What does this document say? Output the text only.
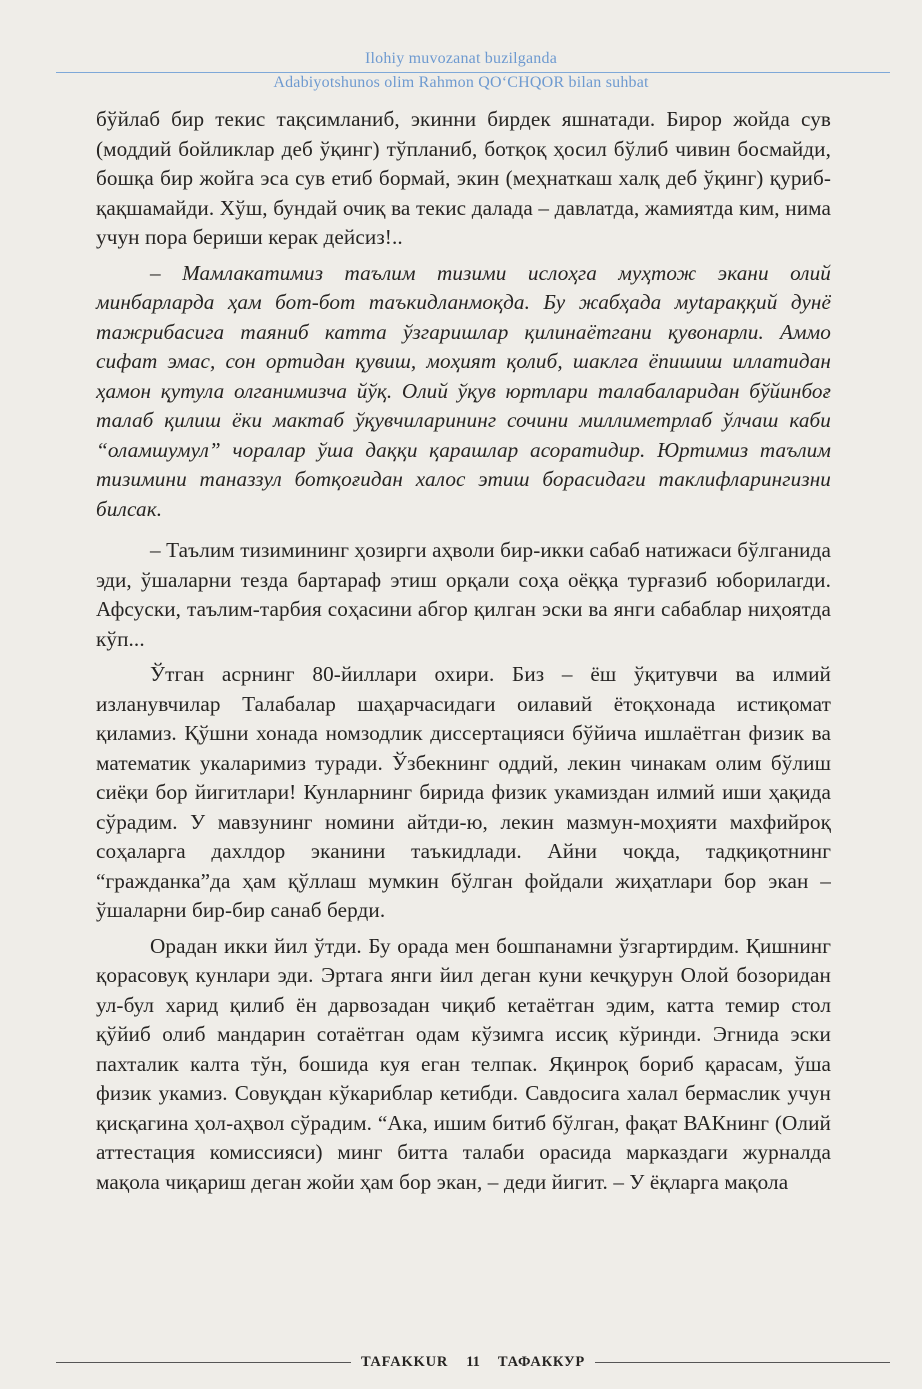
Ilohiy muvozanat buzilganda
Adabiyotshunos olim Rahmon QO‘CHQOR bilan suhbat

бўйлаб бир текис тақсимланиб, экинни бирдек яшнатади. Бирор жойда сув (моддий бойликлар деб ўқинг) тўпланиб, ботқоқ ҳосил бўлиб чивин босмайди, бошқа бир жойга эса сув етиб бормай, экин (меҳнаткаш халқ деб ўқинг) қуриб-қақшамайди. Хўш, бундай очиқ ва текис далада – давлатда, жамиятда ким, нима учун пора бериши керак дейсиз!..

– Мамлакатимиз таълим тизими ислоҳга муҳтож экани олий минбарларда ҳам бот-бот таъкидланмоқда. Бу жабҳада муtaраққий дунё тажрибасига таяниб катта ўзгаришлар қилинаётгани қувонарли. Аммо сифат эмас, сон ортидан қувиш, моҳият қолиб, шаклга ёпишиш иллатидан ҳамон қутула олганимизча йўқ. Олий ўқув юртлари талабаларидан бўйинбоғ талаб қилиш ёки мактаб ўқувчиларининг сочини миллиметрлаб ўлчаш каби “оламшумул” чоралар ўша даққи қарашлар асоратидир. Юртимиз таълим тизимини таназзул ботқоғидан халос этиш борасидаги таклифларингизни билсак.

– Таълим тизимининг ҳозирги аҳволи бир-икки сабаб натижаси бўлганида эди, ўшаларни тезда бартараф этиш орқали соҳа оёққа турғазиб юборилarди. Афсуски, таълим-тарбия соҳасини абгор қилган эски ва янги сабаблар ниҳоятда кўп...

Ўтган асрнинг 80-йиллари охири. Биз – ёш ўқитувчи ва илмий изланувчилар Талабалар шаҳарчасидаги оилавий ётоқхонада истиқомат қиламиз. Қўшни хонада номзодлик диссертацияси бўйича ишлаётган физик ва математик укаларимиз туради. Ўзбекнинг оддий, лекин чинакам олим бўлиш сиёқи бор йигитлари! Кунларнинг бирида физик укамиздан илмий иши ҳақида сўрадим. У мавзунинг номини айтди-ю, лекин мазмун-моҳияти махфийроқ соҳаларга дахлдор эканини таъкидлади. Айни чоқда, тадқиқотнинг “гражданка”да ҳам қўллаш мумкин бўлган фойдали жиҳатлари бор экан – ўшаларни бир-бир санаб берди.

Орадан икки йил ўтди. Бу орада мен бошпанамни ўзгартирдим. Қишнинг қорасовуқ кунлари эди. Эртага янги йил деган куни кечқурун Олой бозоридан ул-бул харид қилиб ён дарвозадан чиқиб кетаётган эдим, катта темир стол қўйиб олиб мандарин сотаётган одам кўзимга иссиқ кўринди. Эгнида эски пахталик калта тўн, бошида куя еган телпак. Яқинроқ бориб қарасам, ўша физик укамиз. Совуқдан кўкариблар кетибди. Савдосига халал бермаслик учун қисқагина ҳол-аҳвол сўрадим. “Ака, ишим битиб бўлган, фақат ВАКнинг (Олий аттестация комиссияси) минг битта талаби орасида марказдаги журналда мақола чиқариш деган жойи ҳам бор экан, – деди йигит. – У ёқларга мақола

TAFAKKUR	11	ТАФАККУР
